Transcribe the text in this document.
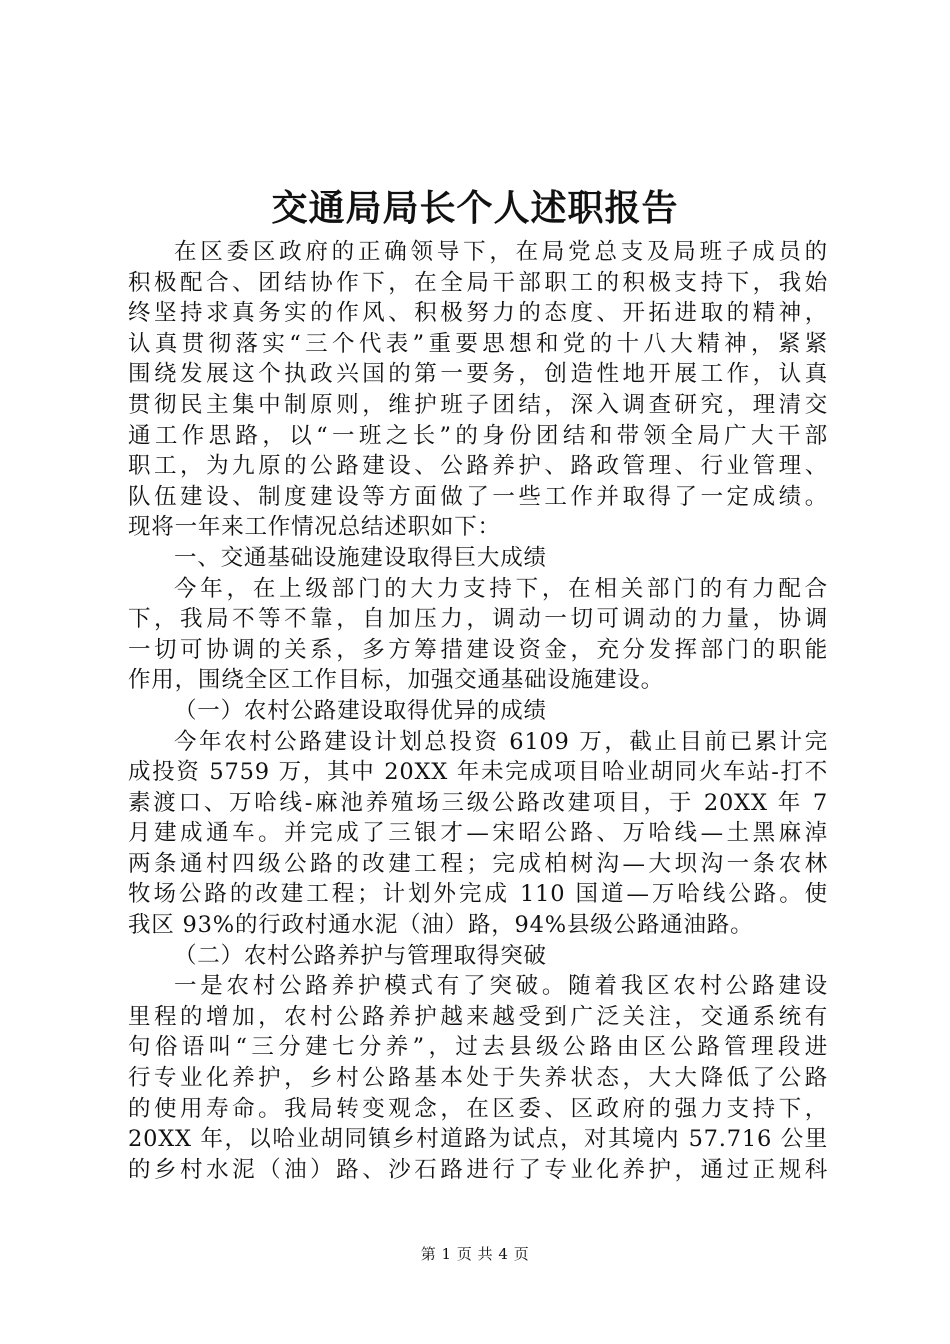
交通局局长个人述职报告
在区委区政府的正确领导下，在局党总支及局班子成员的
积极配合、团结协作下，在全局干部职工的积极支持下，我始
终坚持求真务实的作风、积极努力的态度、开拓进取的精神，
认真贯彻落实“三个代表”重要思想和党的十八大精神，紧紧
围绕发展这个执政兴国的第一要务，创造性地开展工作，认真
贯彻民主集中制原则，维护班子团结，深入调查研究，理清交
通工作思路，以“一班之长”的身份团结和带领全局广大干部
职工，为九原的公路建设、公路养护、路政管理、行业管理、
队伍建设、制度建设等方面做了一些工作并取得了一定成绩。
现将一年来工作情况总结述职如下：
一、交通基础设施建设取得巨大成绩
今年，在上级部门的大力支持下，在相关部门的有力配合
下，我局不等不靠，自加压力，调动一切可调动的力量，协调
一切可协调的关系，多方筹措建设资金，充分发挥部门的职能
作用，围绕全区工作目标，加强交通基础设施建设。
（一）农村公路建设取得优异的成绩
今年农村公路建设计划总投资 6109 万，截止目前已累计完
成投资 5759 万，其中 20XX 年未完成项目哈业胡同火车站-打不
素渡口、万哈线-麻池养殖场三级公路改建项目，于 20XX 年 7
月建成通车。并完成了三银才—宋昭公路、万哈线—土黑麻淖
两条通村四级公路的改建工程；完成柏树沟—大坝沟一条农林
牧场公路的改建工程；计划外完成 110 国道—万哈线公路。使
我区 93%的行政村通水泥（油）路，94%县级公路通油路。
（二）农村公路养护与管理取得突破
一是农村公路养护模式有了突破。随着我区农村公路建设
里程的增加，农村公路养护越来越受到广泛关注，交通系统有
句俗语叫“三分建七分养”，过去县级公路由区公路管理段进
行专业化养护，乡村公路基本处于失养状态，大大降低了公路
的使用寿命。我局转变观念，在区委、区政府的强力支持下，
20XX 年，以哈业胡同镇乡村道路为试点，对其境内 57.716 公里
的乡村水泥（油）路、沙石路进行了专业化养护，通过正规科
第 1 页 共 4 页
